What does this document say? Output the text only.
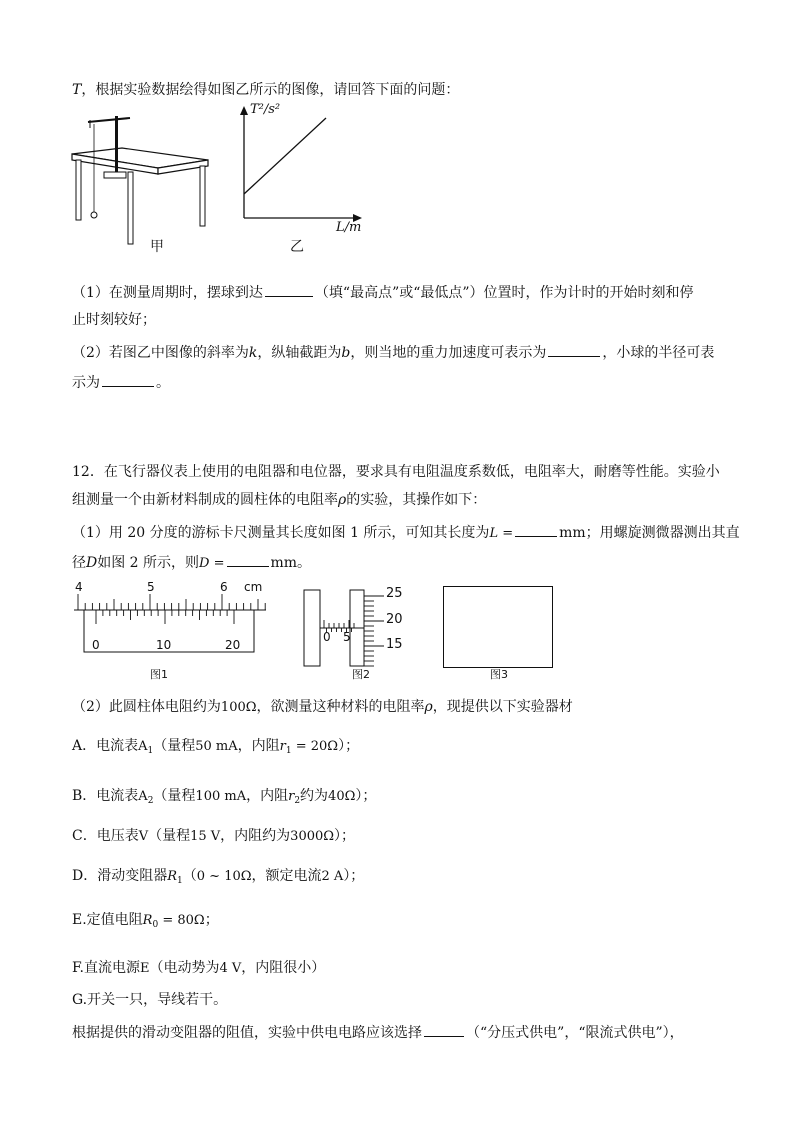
T，根据实验数据绘得如图乙所示的图像，请回答下面的问题：
甲
T²/s²
L/m
乙
（1）在测量周期时，摆球到达	（填“最高点”或“最低点”）位置时，作为计时的开始时刻和停
止时刻较好；
（2）若图乙中图像的斜率为k，纵轴截距为b，则当地的重力加速度可表示为	，小球的半径可表
示为	。
12．在飞行器仪表上使用的电阻器和电位器，要求具有电阻温度系数低，电阻率大，耐磨等性能。实验小
组测量一个由新材料制成的圆柱体的电阻率ρ的实验，其操作如下：
（1）用 20 分度的游标卡尺测量其长度如图 1 所示，可知其长度为L =	mm；用螺旋测微器测出其直
径D如图 2 所示，则D =	mm。
4	5	6 cm
0	10	20
图1
0 5
25
20
15
图2	图3
（2）此圆柱体电阻约为100Ω，欲测量这种材料的电阻率ρ，现提供以下实验器材
A．电流表$A_1$（量程50 mA，内阻$r_1 = 20\Omega$）；
B．电流表$A_2$（量程100 mA，内阻$r_2$约为40Ω）；
C．电压表V（量程15 V，内阻约为3000Ω）；
D．滑动变阻器$R_1(0$ ~ 10Ω，额定电流2 A）；
E.定值电阻$R_0 = 80\Omega$；
F.直流电源E（电动势为4 V，内阻很小）
G.开关一只，导线若干。
根据提供的滑动变阻器的阻值，实验中供电电路应该选择	（“分压式供电”，“限流式供电”），
